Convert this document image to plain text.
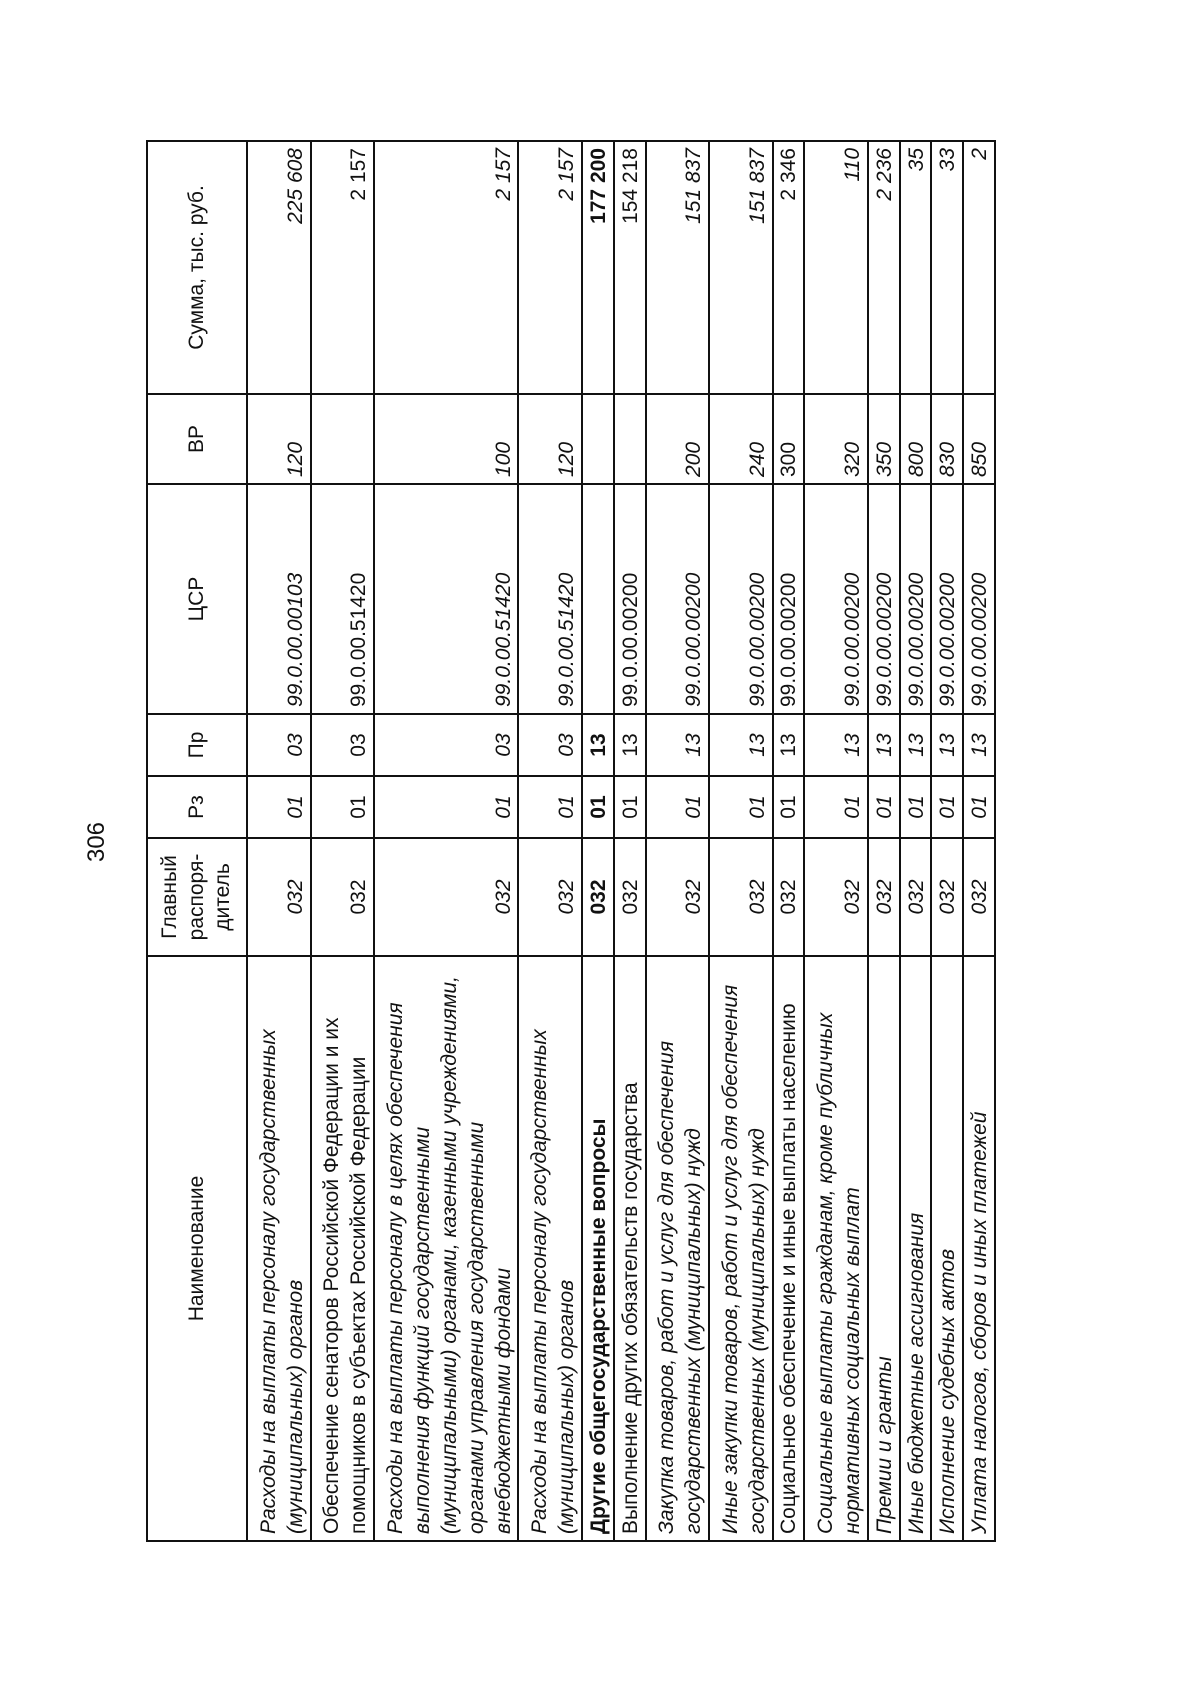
306
Наименование	Главный распоря-дитель	Рз	Пр	ЦСР	ВР	Сумма, тыс. руб.
Расходы на выплаты персоналу государственных (муниципальных) органов	032	01	03	99.0.00.00103	120	225 608
Обеспечение сенаторов Российской Федерации и их помощников в субъектах Российской Федерации	032	01	03	99.0.00.51420		2 157
Расходы на выплаты персоналу в целях обеспечения выполнения функций государственными (муниципальными) органами, казенными учреждениями, органами управления государственными внебюджетными фондами	032	01	03	99.0.00.51420	100	2 157
Расходы на выплаты персоналу государственных (муниципальных) органов	032	01	03	99.0.00.51420	120	2 157
Другие общегосударственные вопросы	032	01	13			177 200
Выполнение других обязательств государства	032	01	13	99.0.00.00200		154 218
Закупка товаров, работ и услуг для обеспечения государственных (муниципальных) нужд	032	01	13	99.0.00.00200	200	151 837
Иные закупки товаров, работ и услуг для обеспечения государственных (муниципальных) нужд	032	01	13	99.0.00.00200	240	151 837
Социальное обеспечение и иные выплаты населению	032	01	13	99.0.00.00200	300	2 346
Социальные выплаты гражданам, кроме публичных нормативных социальных выплат	032	01	13	99.0.00.00200	320	110
Премии и гранты	032	01	13	99.0.00.00200	350	2 236
Иные бюджетные ассигнования	032	01	13	99.0.00.00200	800	35
Исполнение судебных актов	032	01	13	99.0.00.00200	830	33
Уплата налогов, сборов и иных платежей	032	01	13	99.0.00.00200	850	2
